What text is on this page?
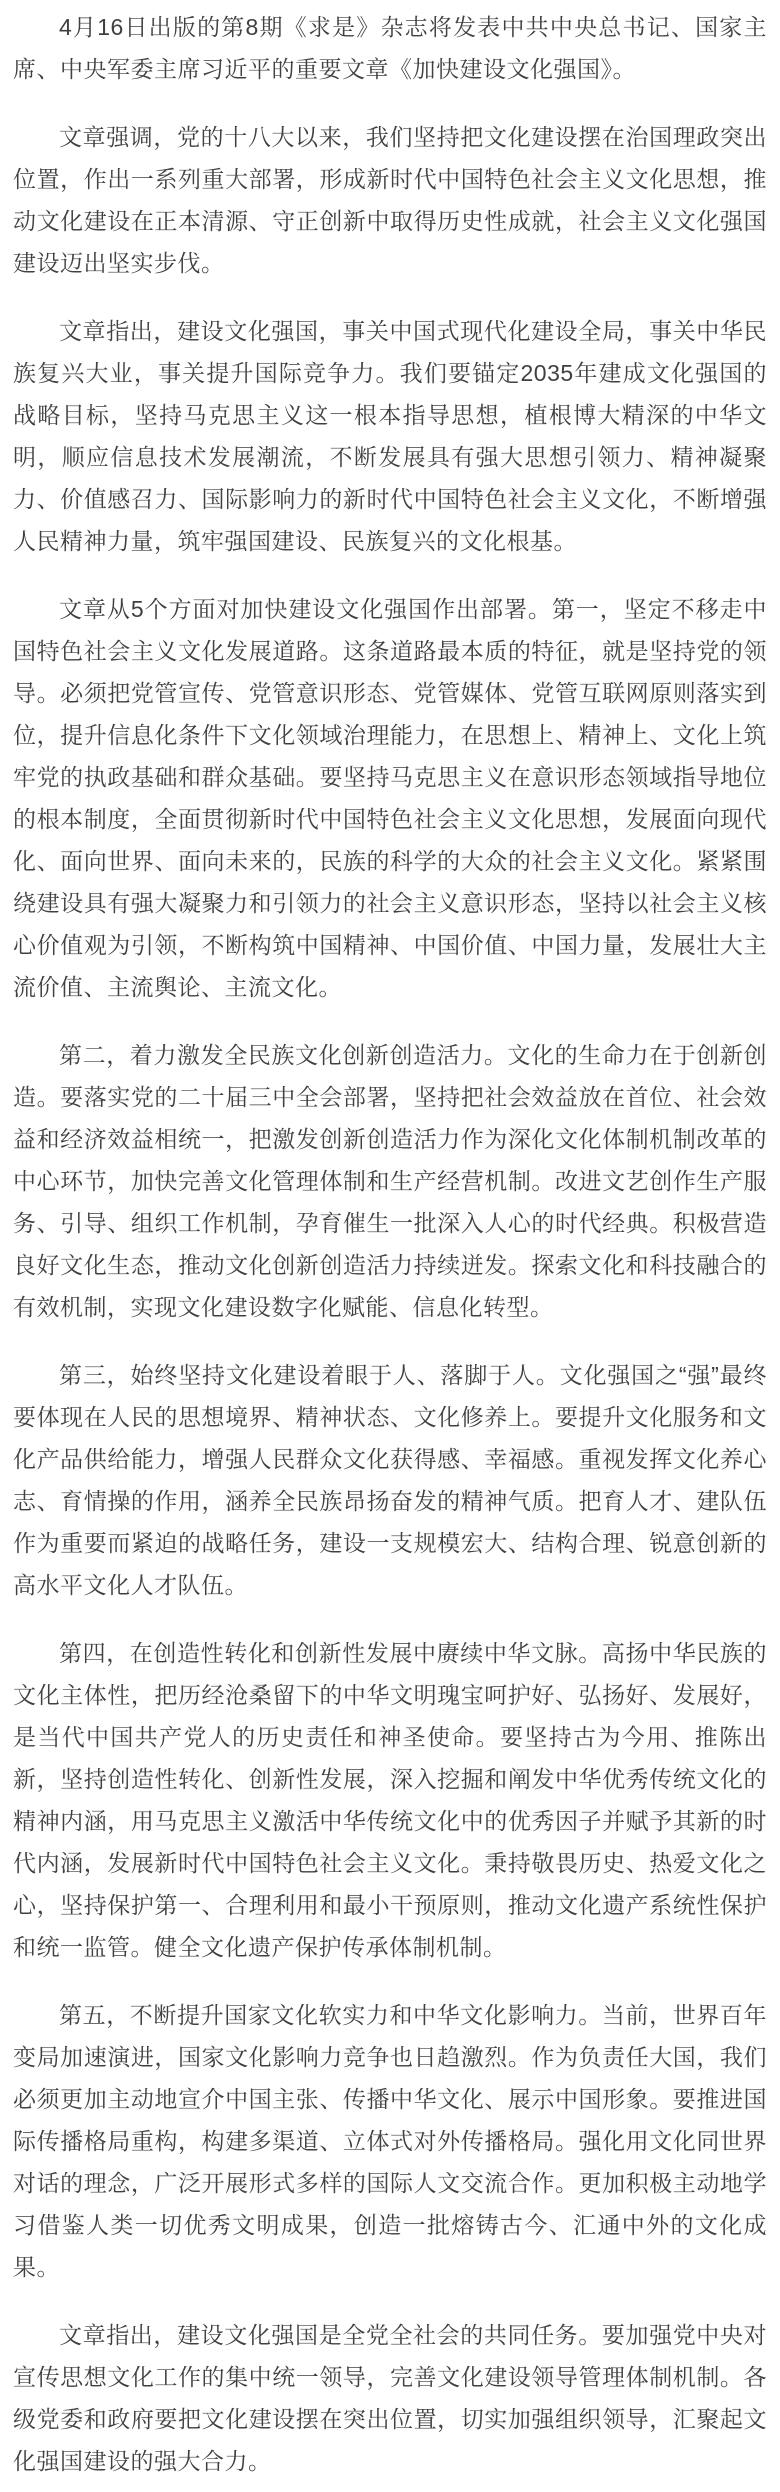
4月16日出版的第8期《求是》杂志将发表中共中央总书记、国家主席、中央军委主席习近平的重要文章《加快建设文化强国》。

文章强调，党的十八大以来，我们坚持把文化建设摆在治国理政突出位置，作出一系列重大部署，形成新时代中国特色社会主义文化思想，推动文化建设在正本清源、守正创新中取得历史性成就，社会主义文化强国建设迈出坚实步伐。

文章指出，建设文化强国，事关中国式现代化建设全局，事关中华民族复兴大业，事关提升国际竞争力。我们要锚定2035年建成文化强国的战略目标，坚持马克思主义这一根本指导思想，植根博大精深的中华文明，顺应信息技术发展潮流，不断发展具有强大思想引领力、精神凝聚力、价值感召力、国际影响力的新时代中国特色社会主义文化，不断增强人民精神力量，筑牢强国建设、民族复兴的文化根基。

文章从5个方面对加快建设文化强国作出部署。第一，坚定不移走中国特色社会主义文化发展道路。这条道路最本质的特征，就是坚持党的领导。必须把党管宣传、党管意识形态、党管媒体、党管互联网原则落实到位，提升信息化条件下文化领域治理能力，在思想上、精神上、文化上筑牢党的执政基础和群众基础。要坚持马克思主义在意识形态领域指导地位的根本制度，全面贯彻新时代中国特色社会主义文化思想，发展面向现代化、面向世界、面向未来的，民族的科学的大众的社会主义文化。紧紧围绕建设具有强大凝聚力和引领力的社会主义意识形态，坚持以社会主义核心价值观为引领，不断构筑中国精神、中国价值、中国力量，发展壮大主流价值、主流舆论、主流文化。

第二，着力激发全民族文化创新创造活力。文化的生命力在于创新创造。要落实党的二十届三中全会部署，坚持把社会效益放在首位、社会效益和经济效益相统一，把激发创新创造活力作为深化文化体制机制改革的中心环节，加快完善文化管理体制和生产经营机制。改进文艺创作生产服务、引导、组织工作机制，孕育催生一批深入人心的时代经典。积极营造良好文化生态，推动文化创新创造活力持续迸发。探索文化和科技融合的有效机制，实现文化建设数字化赋能、信息化转型。

第三，始终坚持文化建设着眼于人、落脚于人。文化强国之“强”最终要体现在人民的思想境界、精神状态、文化修养上。要提升文化服务和文化产品供给能力，增强人民群众文化获得感、幸福感。重视发挥文化养心志、育情操的作用，涵养全民族昂扬奋发的精神气质。把育人才、建队伍作为重要而紧迫的战略任务，建设一支规模宏大、结构合理、锐意创新的高水平文化人才队伍。

第四，在创造性转化和创新性发展中赓续中华文脉。高扬中华民族的文化主体性，把历经沧桑留下的中华文明瑰宝呵护好、弘扬好、发展好，是当代中国共产党人的历史责任和神圣使命。要坚持古为今用、推陈出新，坚持创造性转化、创新性发展，深入挖掘和阐发中华优秀传统文化的精神内涵，用马克思主义激活中华传统文化中的优秀因子并赋予其新的时代内涵，发展新时代中国特色社会主义文化。秉持敬畏历史、热爱文化之心，坚持保护第一、合理利用和最小干预原则，推动文化遗产系统性保护和统一监管。健全文化遗产保护传承体制机制。

第五，不断提升国家文化软实力和中华文化影响力。当前，世界百年变局加速演进，国家文化影响力竞争也日趋激烈。作为负责任大国，我们必须更加主动地宣介中国主张、传播中华文化、展示中国形象。要推进国际传播格局重构，构建多渠道、立体式对外传播格局。强化用文化同世界对话的理念，广泛开展形式多样的国际人文交流合作。更加积极主动地学习借鉴人类一切优秀文明成果，创造一批熔铸古今、汇通中外的文化成果。

文章指出，建设文化强国是全党全社会的共同任务。要加强党中央对宣传思想文化工作的集中统一领导，完善文化建设领导管理体制机制。各级党委和政府要把文化建设摆在突出位置，切实加强组织领导，汇聚起文化强国建设的强大合力。
